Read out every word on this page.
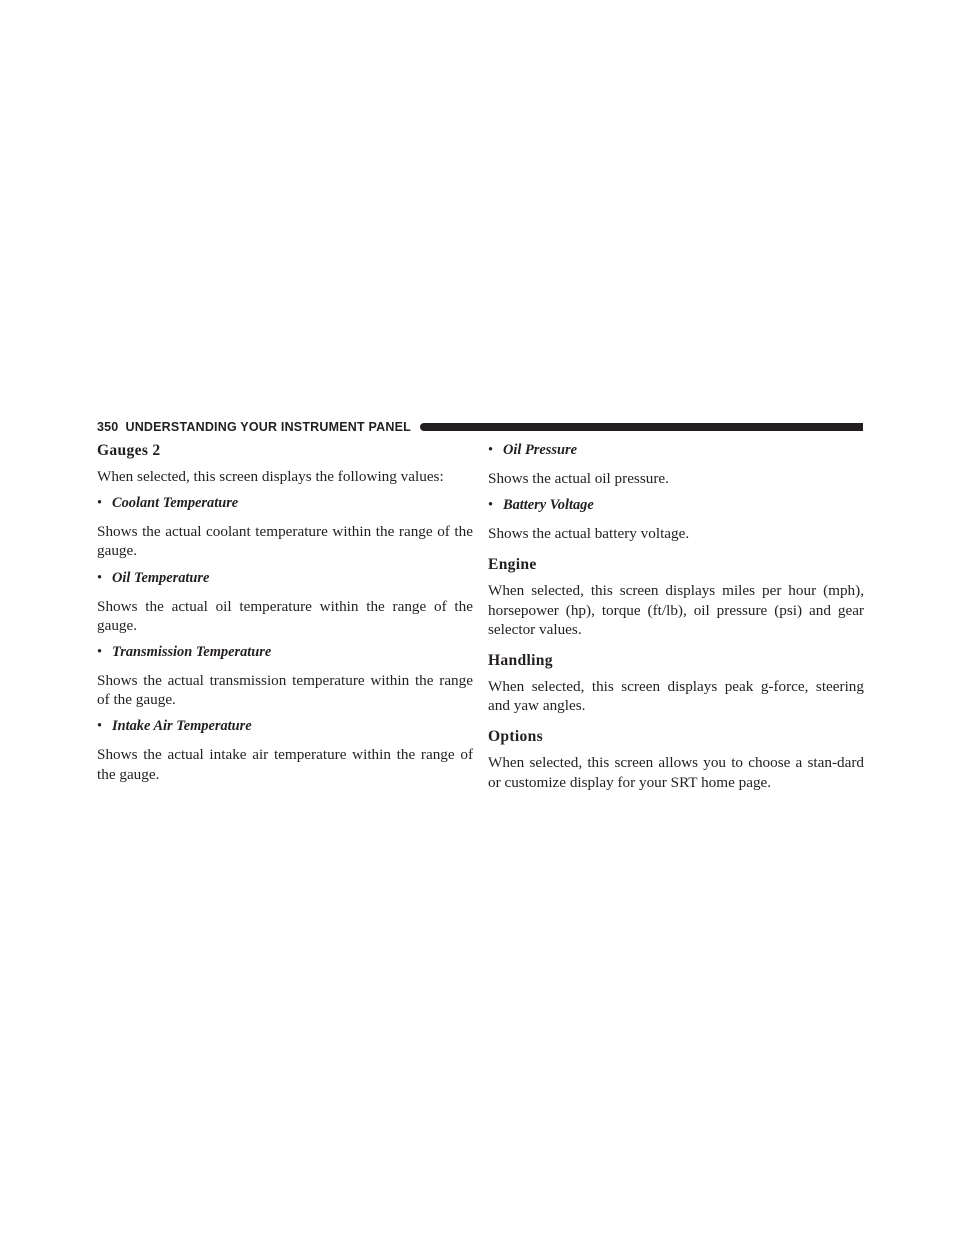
350 UNDERSTANDING YOUR INSTRUMENT PANEL
Gauges 2

When selected, this screen displays the following values:

• Coolant Temperature

Shows the actual coolant temperature within the range of the gauge.

• Oil Temperature

Shows the actual oil temperature within the range of the gauge.

• Transmission Temperature

Shows the actual transmission temperature within the range of the gauge.

• Intake Air Temperature

Shows the actual intake air temperature within the range of the gauge.

• Oil Pressure

Shows the actual oil pressure.

• Battery Voltage

Shows the actual battery voltage.

Engine

When selected, this screen displays miles per hour (mph), horsepower (hp), torque (ft/lb), oil pressure (psi) and gear selector values.

Handling

When selected, this screen displays peak g-force, steering and yaw angles.

Options

When selected, this screen allows you to choose a stan-dard or customize display for your SRT home page.
